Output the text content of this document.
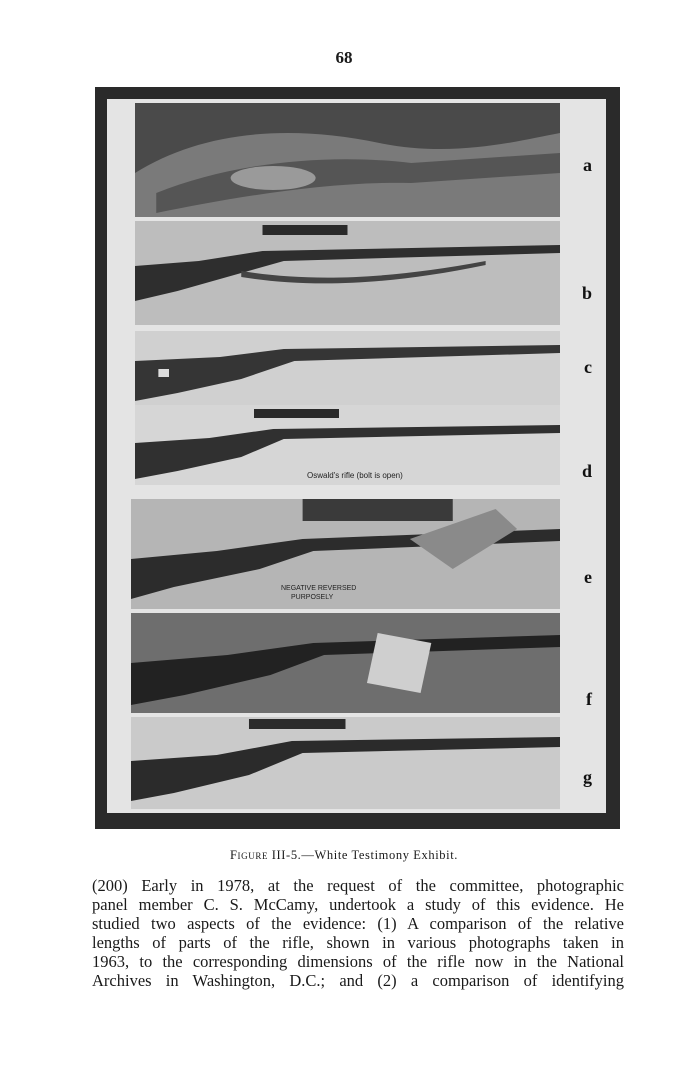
68
a
b
c
Oswald's rifle (bolt is open)	d
NEGATIVE REVERSED
PURPOSELY
e
f
g
Figure III-5.—White Testimony Exhibit.

(200) Early in 1978, at the request of the committee, photographic

panel member C. S. McCamy, undertook a study of this evidence. He

studied two aspects of the evidence: (1) A comparison of the relative

lengths of parts of the rifle, shown in various photographs taken in

1963, to the corresponding dimensions of the rifle now in the National

Archives in Washington, D.C.; and (2) a comparison of identifying
